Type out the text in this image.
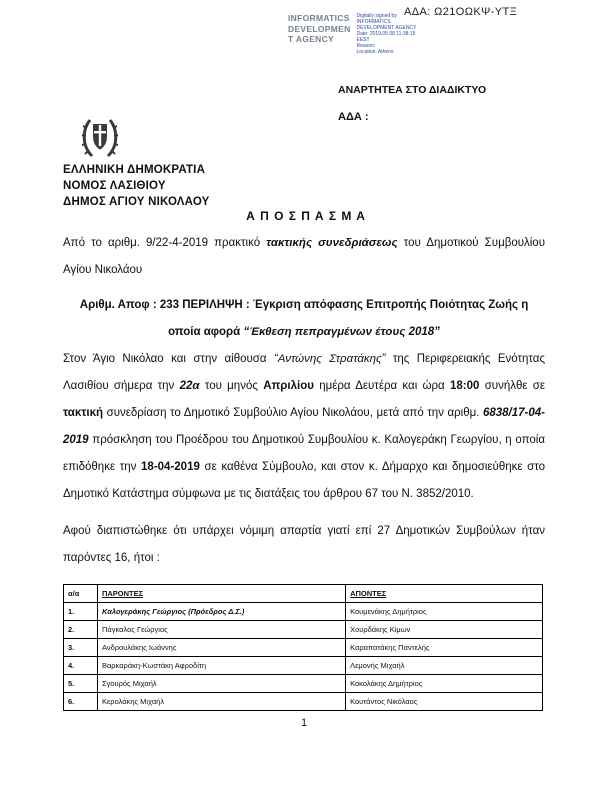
ΑΔΑ: Ω21ΟΩΚΨ-ΥΤΞ
INFORMATICS
DEVELOPMEN
T AGENCY
Digitally signed by
INFORMATICS
DEVELOPMENT AGENCY
Date: 2019.05.08 11:38:15
EEST
Reason:
Location: Athens
ΑΝΑΡΤΗΤΕΑ ΣΤΟ ΔΙΑΔΙΚΤΥΟ
ΑΔΑ :
ΕΛΛΗΝΙΚΗ ΔΗΜΟΚΡΑΤΙΑ
ΝΟΜΟΣ ΛΑΣΙΘΙΟΥ
ΔΗΜΟΣ ΑΓΙΟΥ ΝΙΚΟΛΑΟΥ
Α Π Ο Σ Π Α Σ Μ Α

Από το αριθμ. 9/22-4-2019 πρακτικό τακτικής συνεδριάσεως του Δημοτικού Συμβουλίου Αγίου Νικολάου

Αριθμ. Αποφ : 233 ΠΕΡΙΛΗΨΗ : Έγκριση απόφασης Επιτροπής Ποιότητας Ζωής η οποία αφορά “Έκθεση πεπραγμένων έτους 2018”

Στον Άγιο Νικόλαο και στην αίθουσα “Αντώνης Στρατάκης” της Περιφερειακής Ενότητας Λασιθίου σήμερα την 22α του μηνός Απριλίου ημέρα Δευτέρα και ώρα 18:00 συνήλθε σε τακτική συνεδρίαση το Δημοτικό Συμβούλιο Αγίου Νικολάου, μετά από την αριθμ. 6838/17-04-2019 πρόσκληση του Προέδρου του Δημοτικού Συμβουλίου κ. Καλογεράκη Γεωργίου, η οποία επιδόθηκε την 18-04-2019 σε καθένα Σύμβουλο, και στον κ. Δήμαρχο και δημοσιεύθηκε στο Δημοτικό Κατάστημα σύμφωνα με τις διατάξεις του άρθρου 67 του Ν. 3852/2010.

Αφού διαπιστώθηκε ότι υπάρχει νόμιμη απαρτία γιατί επί 27 Δημοτικών Συμβούλων ήταν παρόντες 16, ήτοι :

α/α	ΠΑΡΟΝΤΕΣ	ΑΠΟΝΤΕΣ
1.	Καλογεράκης Γεώργιος (Πρόεδρος Δ.Σ.)	Κουμενάκης Δημήτριος
2.	Πάγκαλος Γεώργιος	Χουρδάκης Κίμων
3.	Ανδρουλάκης Ιωάννης	Καραπατάκης Παντελής
4.	Βαρκαράκη-Κωστάκη Αφροδίτη	Λεμονής Μιχαήλ
5.	Σγουρός Μιχαήλ	Κοκολάκης Δημήτριος
6.	Κερολάκης Μιχαήλ	Κουτάντος Νικόλαος
1
